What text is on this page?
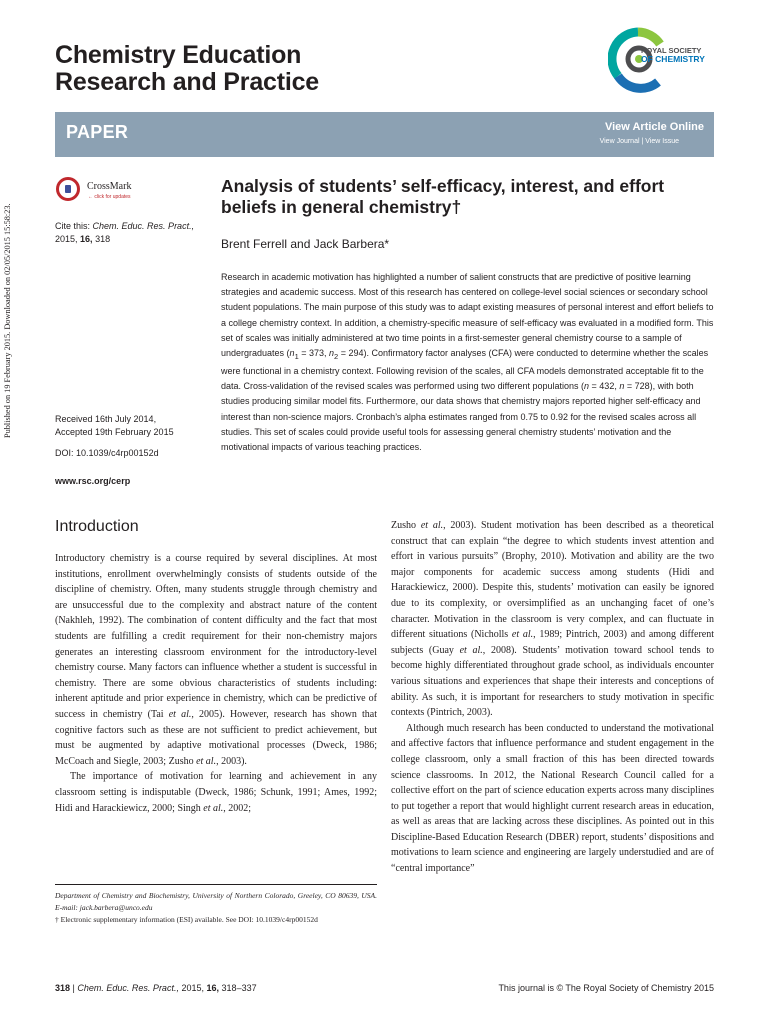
Chemistry Education
Research and Practice
ROYAL SOCIETY
OF CHEMISTRY
PAPER	View Article Online
View Journal | View Issue
CrossMark
← click for updates
Cite this: Chem. Educ. Res. Pract.,
2015, 16, 318
Received 16th July 2014,
Accepted 19th February 2015
DOI: 10.1039/c4rp00152d
www.rsc.org/cerp
Analysis of students’ self-efficacy, interest, and effort beliefs in general chemistry†
Brent Ferrell and Jack Barbera*

Research in academic motivation has highlighted a number of salient constructs that are predictive of positive learning strategies and academic success. Most of this research has centered on college-level social sciences or secondary school student populations. The main purpose of this study was to adapt existing measures of personal interest and effort beliefs to a college chemistry context. In addition, a chemistry-specific measure of self-efficacy was evaluated in a modified form. This set of scales was initially administered at two time points in a first-semester general chemistry course to a sample of undergraduates ($n_1 = 373$, $n_2 = 294$). Confirmatory factor analyses (CFA) were conducted to determine whether the scales were functional in a chemistry context. Following revision of the scales, all CFA models demonstrated acceptable fit to the data. Cross-validation of the revised scales was performed using two different populations (n = 432, n = 728), with both studies producing similar model fits. Furthermore, our data shows that chemistry majors reported higher self-efficacy and interest than non-science majors. Cronbach’s alpha estimates ranged from 0.75 to 0.92 for the revised scales across all studies. This set of scales could provide useful tools for assessing general chemistry students’ motivation and the motivational impacts of various teaching practices.

Published on 19 February 2015. Downloaded on 02/05/2015 15:58:23.
Introduction

Introductory chemistry is a course required by several disciplines. At most institutions, enrollment overwhelmingly consists of students outside of the discipline of chemistry. Often, many students struggle through chemistry and are unsuccessful due to the complexity and abstract nature of the content (Nakhleh, 1992). The combination of content difficulty and the fact that most students are fulfilling a credit requirement for their non-chemistry majors generates an interesting classroom environment for the introductory-level chemistry course. Many factors can influence whether a student is successful in chemistry. There are some obvious characteristics of students including: inherent aptitude and prior experience in chemistry, which can be predictive of success in chemistry (Tai et al., 2005). However, research has shown that cognitive factors such as these are not sufficient to predict achievement, but must be augmented by adaptive motivational processes (Dweck, 1986; McCoach and Siegle, 2003; Zusho et al., 2003).

The importance of motivation for learning and achievement in any classroom setting is indisputable (Dweck, 1986; Schunk, 1991; Ames, 1992; Hidi and Harackiewicz, 2000; Singh et al., 2002;

Zusho et al., 2003). Student motivation has been described as a theoretical construct that can explain “the degree to which students invest attention and effort in various pursuits” (Brophy, 2010). Motivation and ability are the two major components for academic success among students (Hidi and Harackiewicz, 2000). Despite this, students’ motivation can easily be ignored due to its complexity, or oversimplified as an unchanging facet of one’s character. Motivation in the classroom is very complex, and can fluctuate in different situations (Nicholls et al., 1989; Pintrich, 2003) and among different subjects (Guay et al., 2008). Students’ motivation toward school tends to become highly differentiated throughout grade school, as individuals encounter various situations and experiences that shape their interests and conceptions of ability. As such, it is important for researchers to study motivation in specific contexts (Pintrich, 2003).

Although much research has been conducted to understand the motivational and affective factors that influence performance and student engagement in the college classroom, only a small fraction of this has been directed towards science classrooms. In 2012, the National Research Council called for a collective effort on the part of science education experts across many disciplines to put together a report that would highlight current research areas in education, as well as areas that are lacking across these disciplines. As pointed out in this Discipline-Based Education Research (DBER) report, students’ dispositions and motivations to learn science and engineering are largely understudied and are of “central importance”

Department of Chemistry and Biochemistry, University of Northern Colorado, Greeley, CO 80639, USA. E-mail: jack.barbera@unco.edu

† Electronic supplementary information (ESI) available. See DOI: 10.1039/c4rp00152d

318 | Chem. Educ. Res. Pract., 2015, 16, 318–337	This journal is © The Royal Society of Chemistry 2015
